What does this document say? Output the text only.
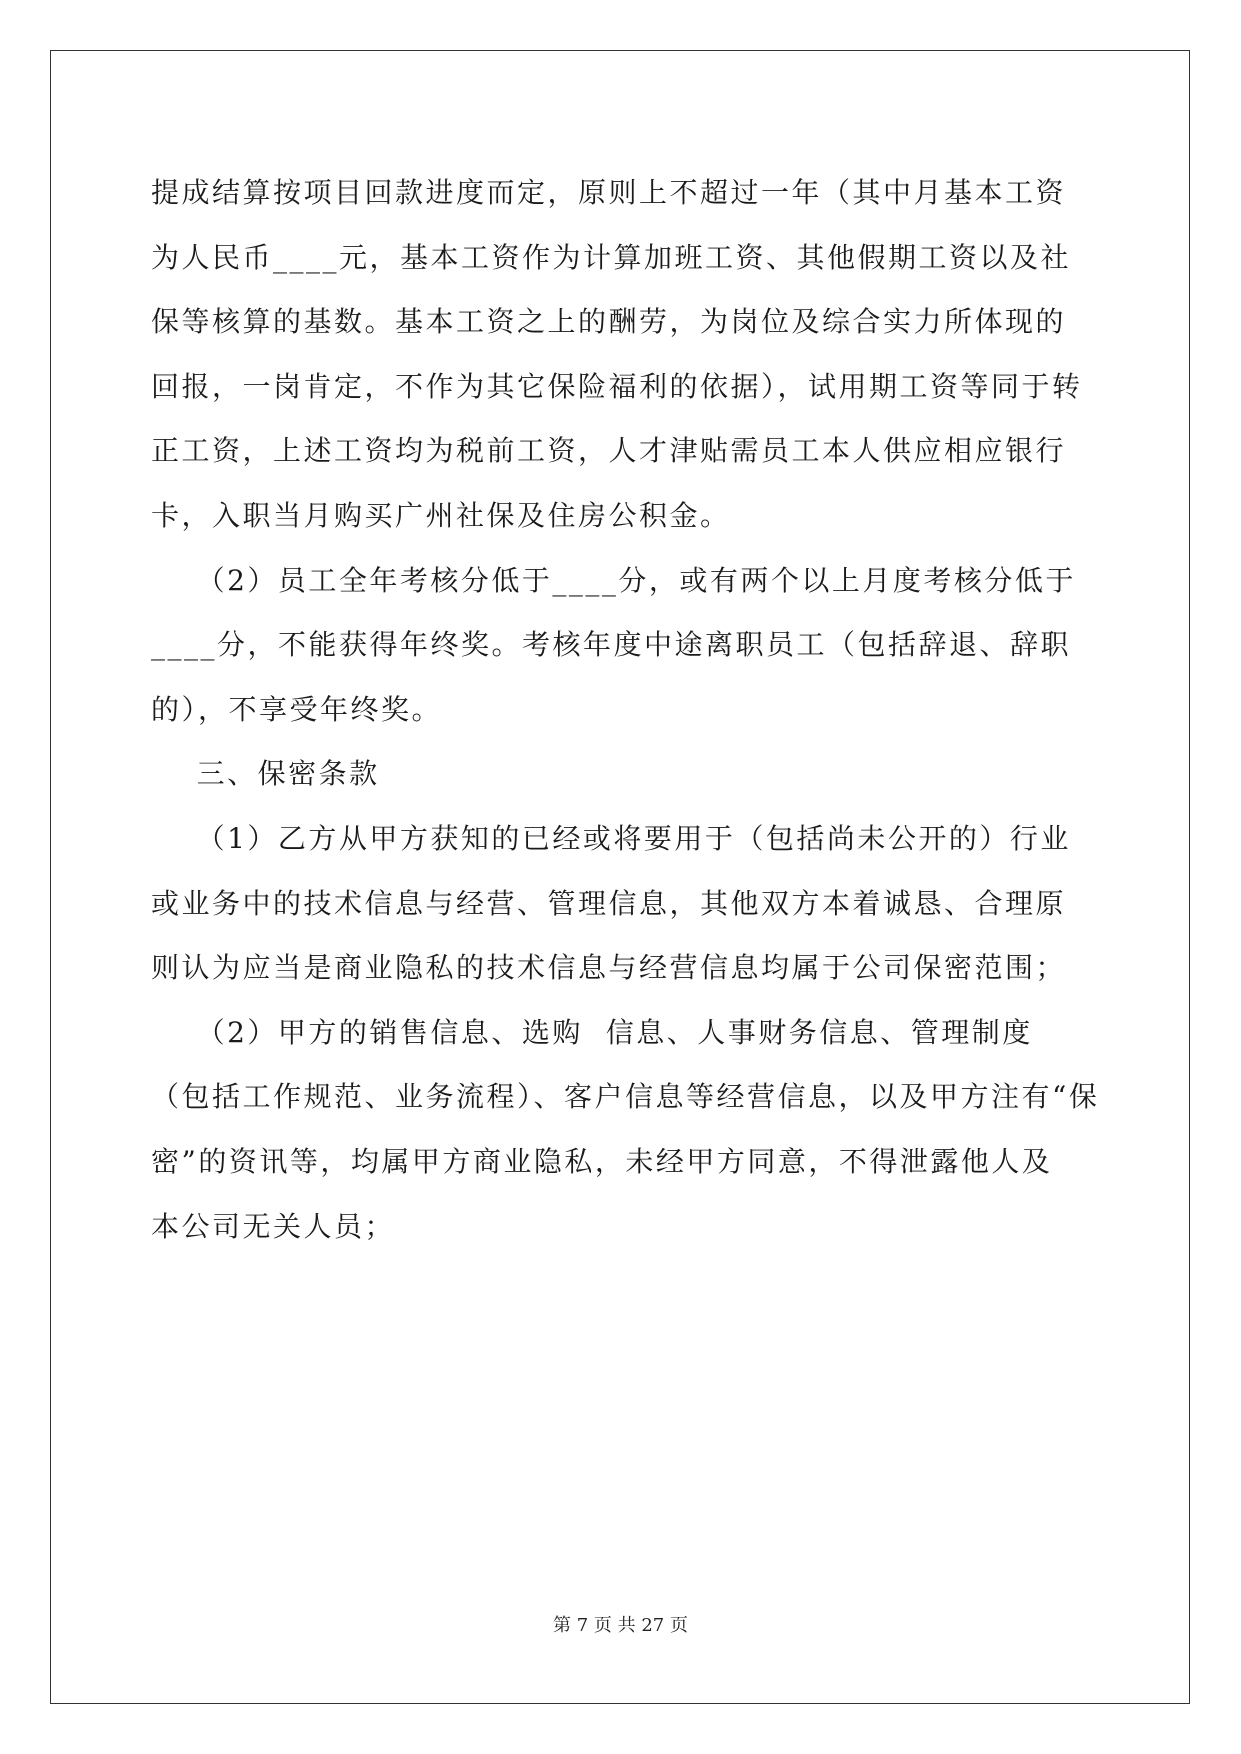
提成结算按项目回款进度而定，原则上不超过一年（其中月基本工资
为人民币____元，基本工资作为计算加班工资、其他假期工资以及社
保等核算的基数。基本工资之上的酬劳，为岗位及综合实力所体现的
回报，一岗肯定，不作为其它保险福利的依据），试用期工资等同于转
正工资，上述工资均为税前工资，人才津贴需员工本人供应相应银行
卡，入职当月购买广州社保及住房公积金。
（2）员工全年考核分低于____分，或有两个以上月度考核分低于
____分，不能获得年终奖。考核年度中途离职员工（包括辞退、辞职
的），不享受年终奖。
三、保密条款
（1）乙方从甲方获知的已经或将要用于（包括尚未公开的）行业
或业务中的技术信息与经营、管理信息，其他双方本着诚恳、合理原
则认为应当是商业隐私的技术信息与经营信息均属于公司保密范围；
（2）甲方的销售信息、选购  信息、人事财务信息、管理制度
（包括工作规范、业务流程）、客户信息等经营信息，以及甲方注有“保
密”的资讯等，均属甲方商业隐私，未经甲方同意，不得泄露他人及
本公司无关人员；
第 7 页 共 27 页
